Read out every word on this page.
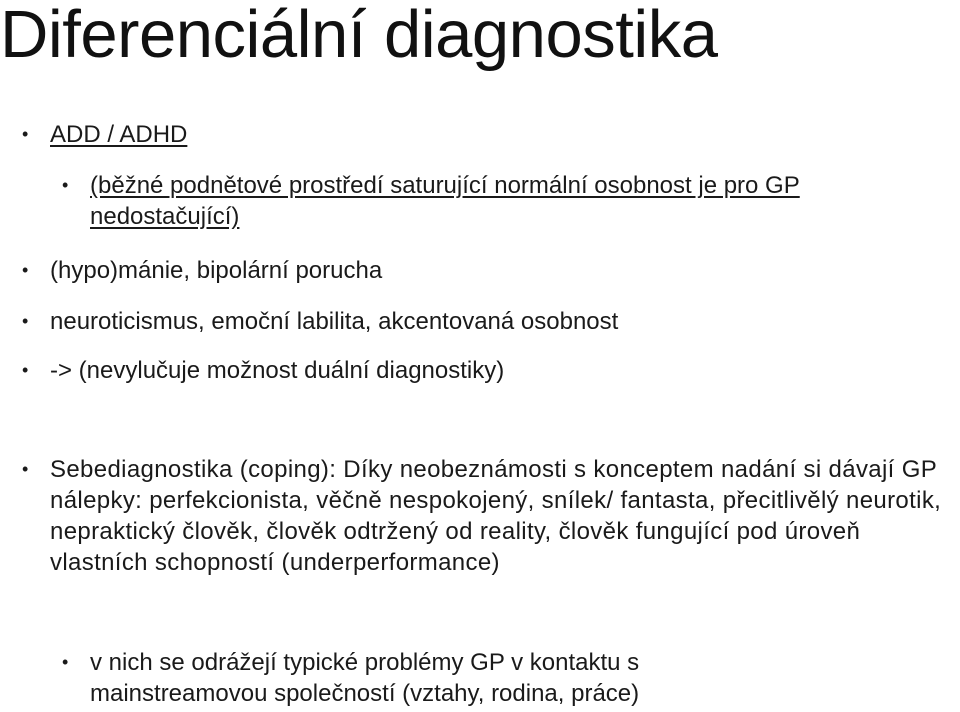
Diferenciální diagnostika
• ADD / ADHD
• (běžné podnětové prostředí saturující normální osobnost je pro GP nedostačující)
• (hypo)mánie, bipolární porucha
• neuroticismus, emoční labilita, akcentovaná osobnost
• -> (nevylučuje možnost duální diagnostiky)
• Sebediagnostika (coping): Díky neobeznámosti s konceptem nadání si dávají GP nálepky: perfekcionista, věčně nespokojený, snílek/ fantasta, přecitlivělý neurotik, nepraktický člověk, člověk odtržený od reality, člověk fungující pod úroveň vlastních schopností (underperformance)
• v nich se odrážejí typické problémy GP v kontaktu s mainstreamovou společností (vztahy, rodina, práce)
